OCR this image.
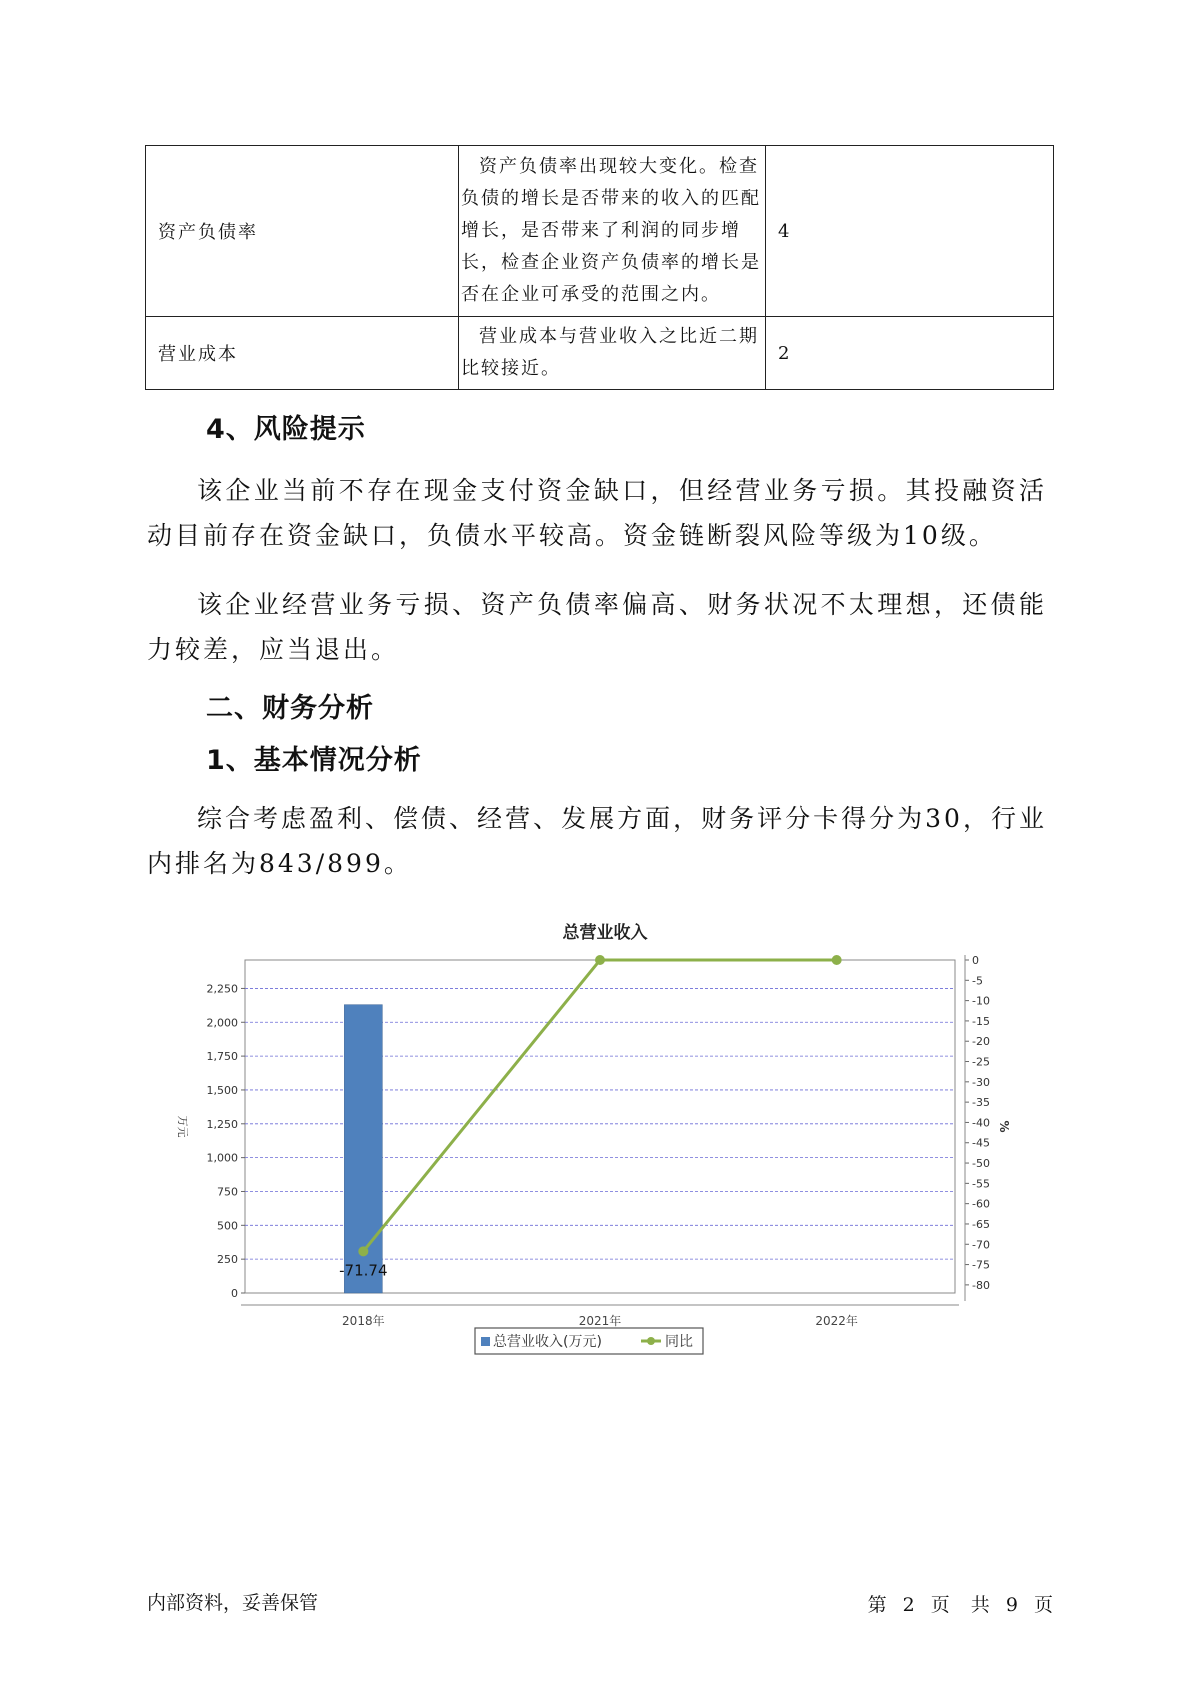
资产负债率	资产负债率出现较大变化。检查负债的增长是否带来的收入的匹配增长，是否带来了利润的同步增长，检查企业资产负债率的增长是否在企业可承受的范围之内。	4
营业成本	营业成本与营业收入之比近二期比较接近。	2
4、风险提示

该企业当前不存在现金支付资金缺口，但经营业务亏损。其投融资活动目前存在资金缺口，负债水平较高。资金链断裂风险等级为10级。

该企业经营业务亏损、资产负债率偏高、财务状况不太理想，还债能力较差，应当退出。

二、财务分析
1、基本情况分析

综合考虑盈利、偿债、经营、发展方面，财务评分卡得分为30，行业内排名为843/899。

总营业收入
0
250
500
750
1,000
1,250
1,500
1,750
2,000
2,250
0
-5
-10
-15
-20
-25
-30
-35
-40
-45
-50
-55
-60
-65
-70
-75
-80
万元	%
2018年	2021年	2022年
-71.74
总营业收入(万元)	同比
内部资料，妥善保管	第 2 页　共 9 页
